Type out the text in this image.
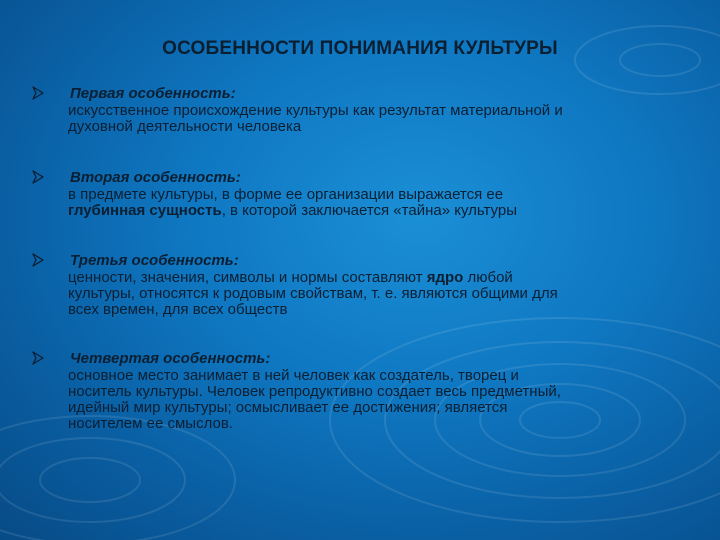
ОСОБЕННОСТИ ПОНИМАНИЯ КУЛЬТУРЫ
Первая особенность:
искусственное происхождение культуры как результат материальной и
духовной деятельности человека
Вторая особенность:
в предмете культуры, в форме ее организации выражается ее
глубинная сущность, в которой заключается «тайна» культуры
Третья особенность:
ценности, значения, символы и нормы составляют ядро любой
культуры, относятся к родовым свойствам, т. е. являются общими для
всех времен, для всех обществ
Четвертая особенность:
основное место занимает в ней человек как создатель, творец и
носитель культуры. Человек репродуктивно создает весь предметный,
идейный мир культуры; осмысливает ее достижения; является
носителем ее смыслов.
